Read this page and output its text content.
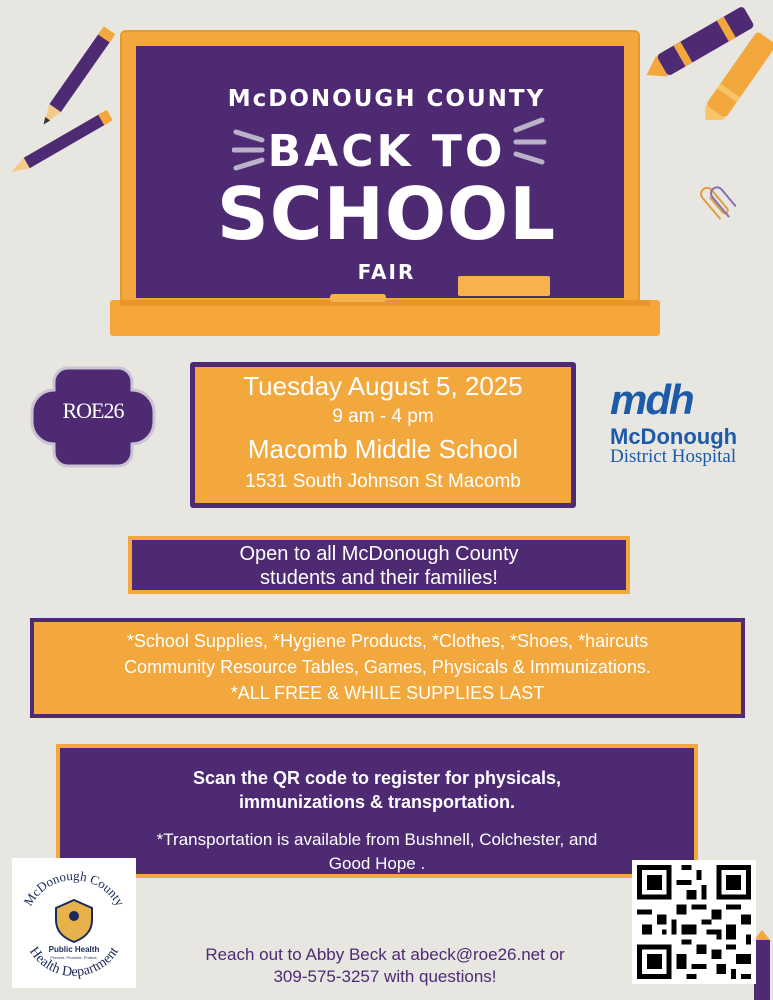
McDONOUGH COUNTY
BACK TO
SCHOOL
FAIR
ROE26
Tuesday August 5, 2025
9 am - 4 pm
Macomb Middle School
1531 South Johnson St Macomb
mdh
McDonough
District Hospital
Open to all McDonough County
students and their families!
*School Supplies, *Hygiene Products, *Clothes, *Shoes, *haircuts
Community Resource Tables, Games, Physicals & Immunizations.
*ALL FREE & WHILE SUPPLIES LAST
Scan the QR code to register for physicals,
immunizations & transportation.
*Transportation is available from Bushnell, Colchester, and
Good Hope .
McDonough County
Health Department
Public Health
Prevent. Promote. Protect.	Reach out to Abby Beck at abeck@roe26.net or
309-575-3257 with questions!
